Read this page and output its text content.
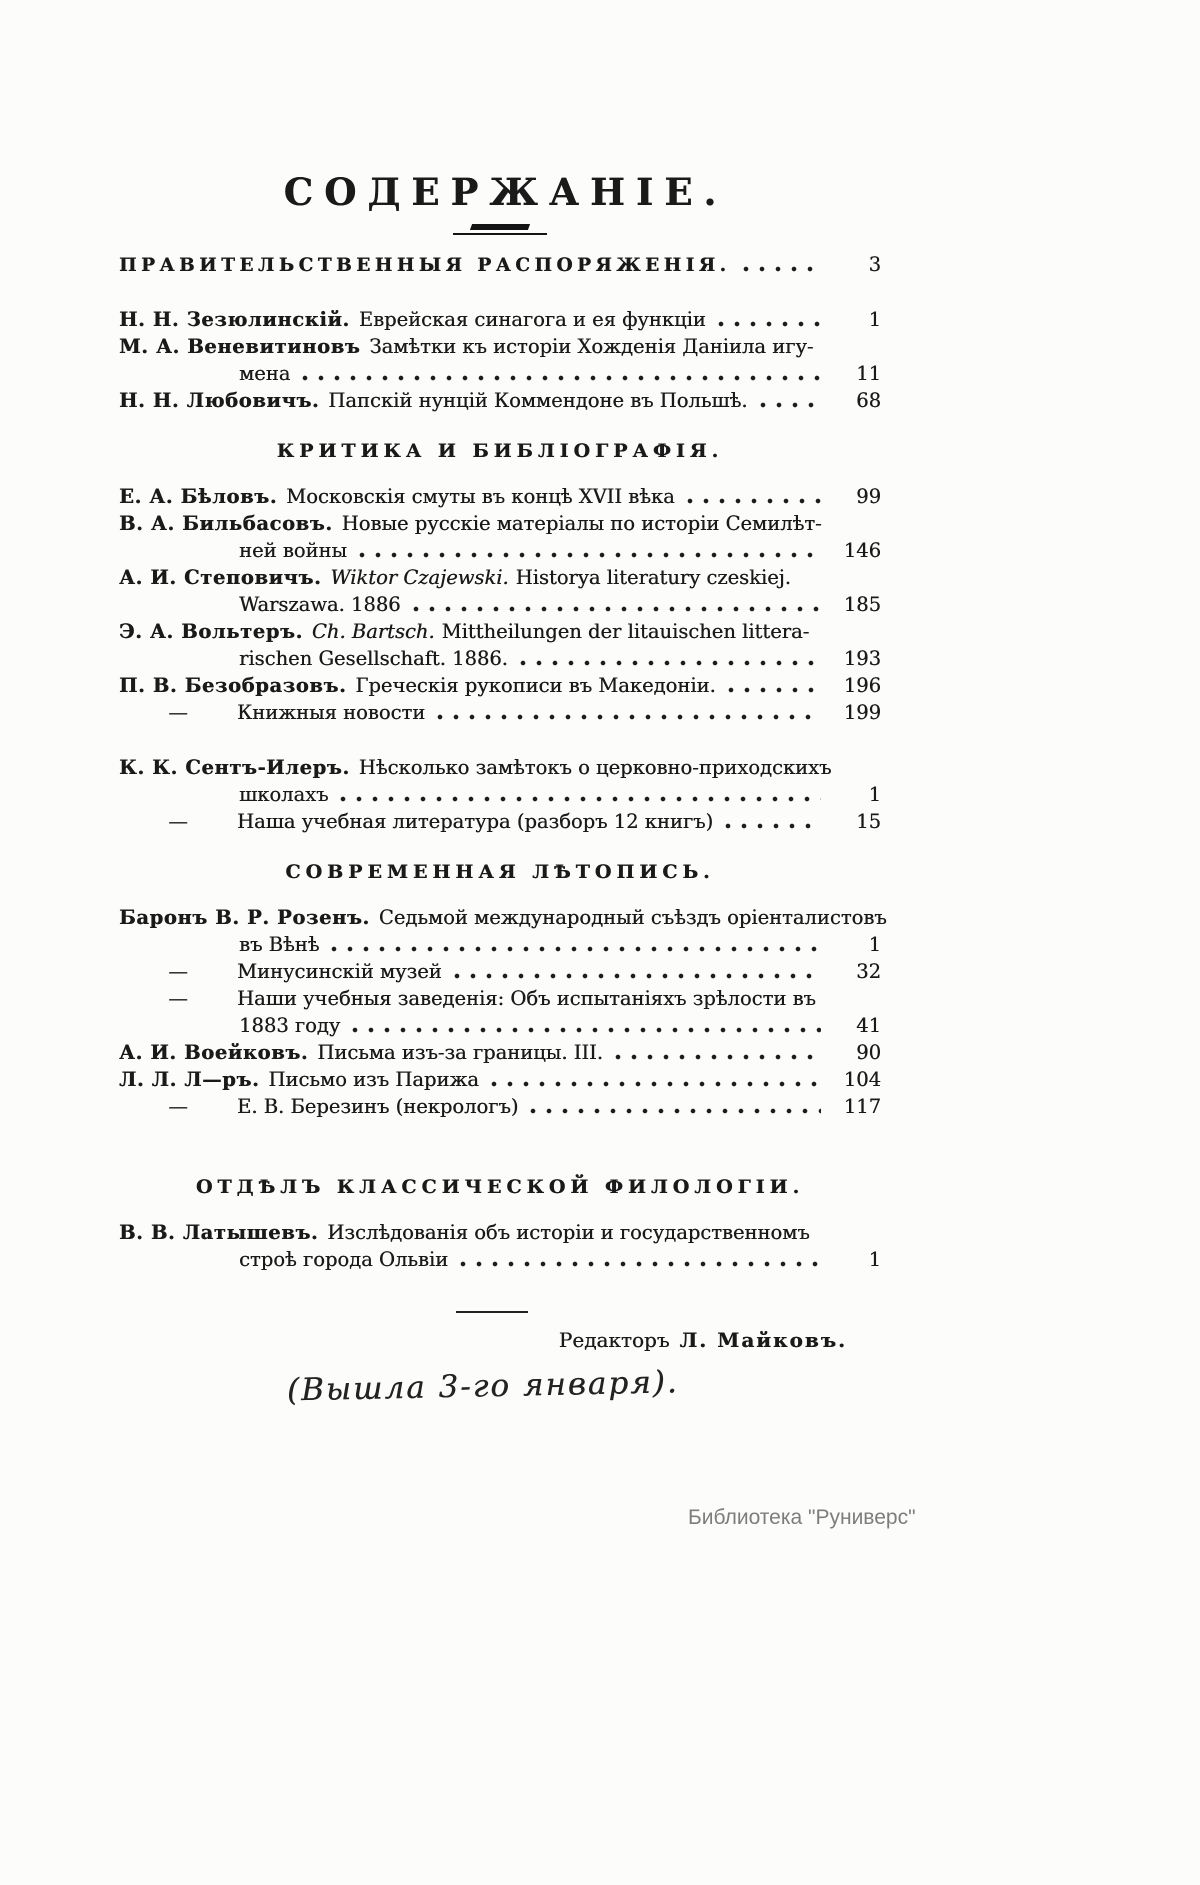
СОДЕРЖАНІЕ.
ПРАВИТЕЛЬСТВЕННЫЯ РАСПОРЯЖЕНІЯ.	3
Н. Н. Зезюлинскій. Еврейская синагога и ея функціи	1
М. А. Веневитиновъ Замѣтки къ исторіи Хожденія Даніила игу-
мена	11
Н. Н. Любовичъ. Папскій нунцій Коммендоне въ Польшѣ.	68
КРИТИКА И БИБЛІОГРАФІЯ.
Е. А. Бѣловъ. Московскія смуты въ концѣ XVII вѣка	99
В. А. Бильбасовъ. Новые русскіе матеріалы по исторіи Семилѣт-
ней войны	146
А. И. Степовичъ. Wiktor Czajewski. Historya literatury czeskiej.
Warszawa. 1886	185
Э. А. Вольтеръ. Ch. Bartsch. Mittheilungen der litauischen littera-
rischen Gesellschaft. 1886.	193
П. В. Безобразовъ. Греческія рукописи въ Македоніи.	196
—	Книжныя новости	199
К. К. Сентъ-Илеръ. Нѣсколько замѣтокъ о церковно-приходскихъ
школахъ	1
—	Наша учебная литература (разборъ 12 книгъ)	15
СОВРЕМЕННАЯ ЛѢТОПИСЬ.
Баронъ В. Р. Розенъ. Седьмой международный съѣздъ оріенталистовъ
въ Вѣнѣ	1
—	Минусинскій музей	32
—	Наши учебныя заведенія: Объ испытаніяхъ зрѣлости въ
1883 году	41
А. И. Воейковъ. Письма изъ-за границы. III.	90
Л. Л. Л—ръ. Письмо изъ Парижа	104
—	Е. В. Березинъ (некрологъ)	117
ОТДѢЛЪ КЛАССИЧЕСКОЙ ФИЛОЛОГІИ.
В. В. Латышевъ. Изслѣдованія объ исторіи и государственномъ
строѣ города Ольвіи	1
Редакторъ Л. Майковъ.
(Вышла 3-го января).
Библиотека "Руниверс"
